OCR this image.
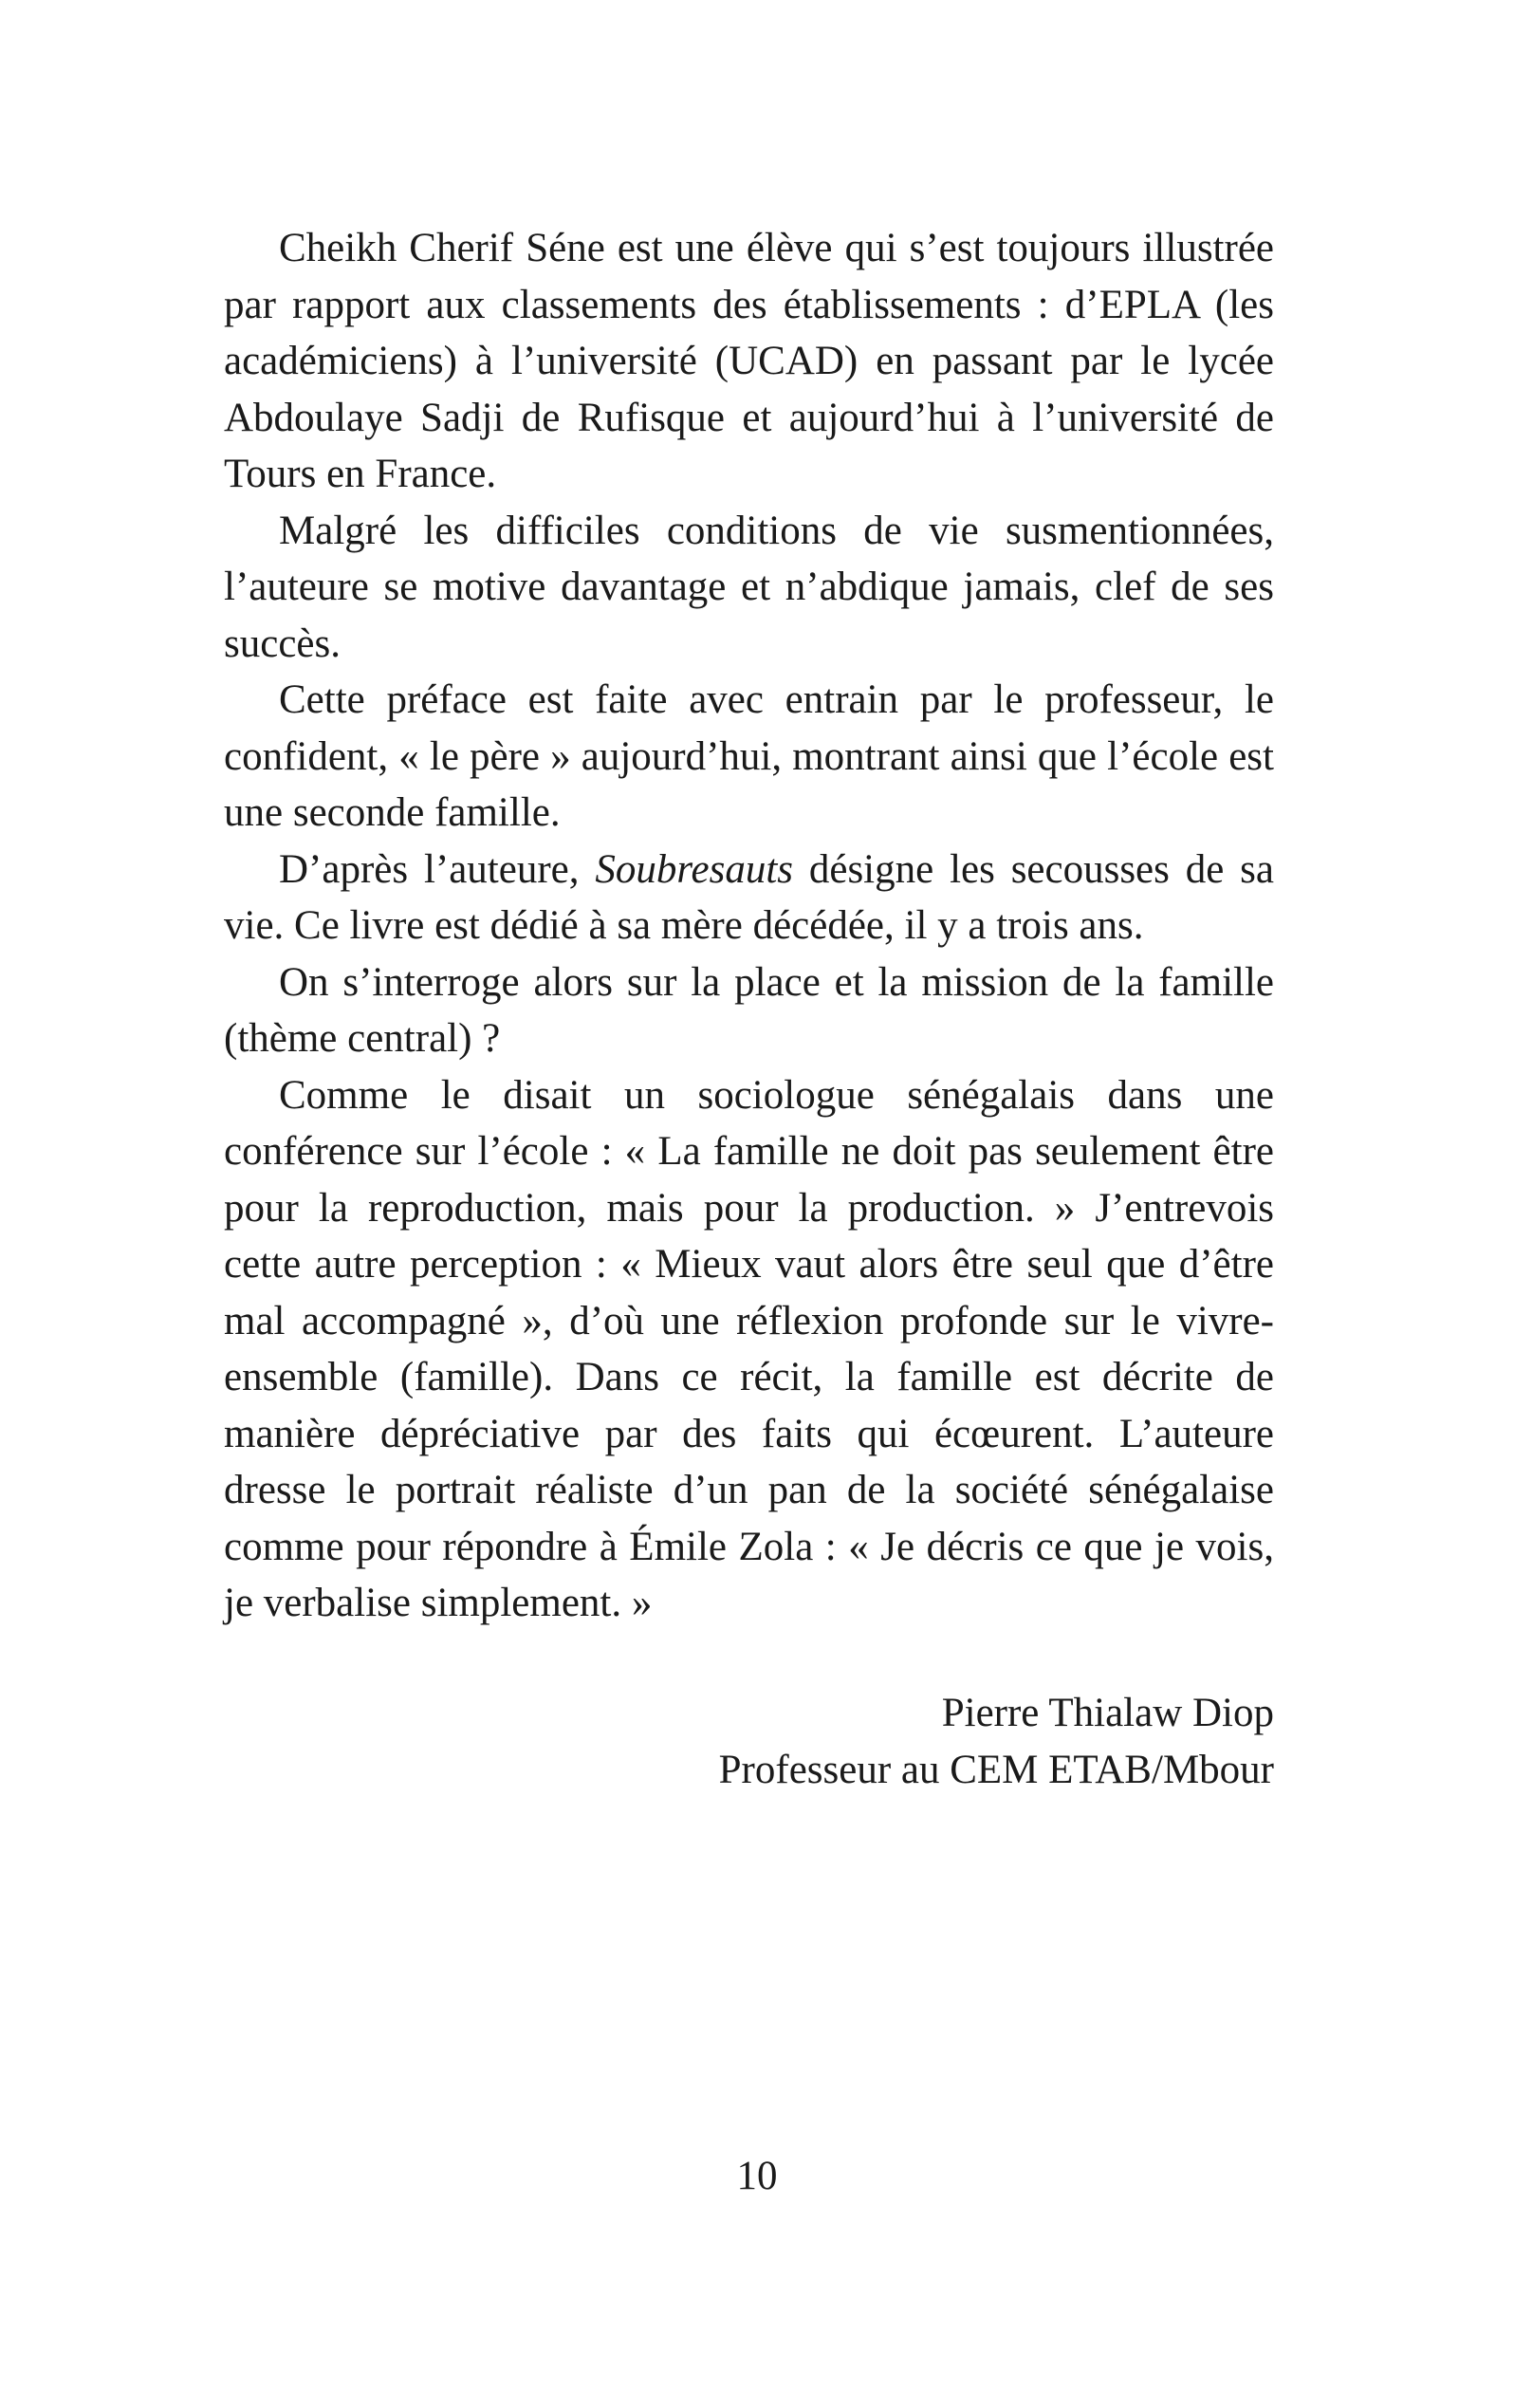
Cheikh Cherif Séne est une élève qui s’est toujours illustrée par rapport aux classements des établissements : d’EPLA (les académiciens) à l’université (UCAD) en passant par le lycée Abdoulaye Sadji de Rufisque et aujourd’hui à l’université de Tours en France.

Malgré les difficiles conditions de vie susmentionnées, l’auteure se motive davantage et n’abdique jamais, clef de ses succès.

Cette préface est faite avec entrain par le professeur, le confident, « le père » aujourd’hui, montrant ainsi que l’école est une seconde famille.

D’après l’auteure, Soubresauts désigne les secousses de sa vie. Ce livre est dédié à sa mère décédée, il y a trois ans.

On s’interroge alors sur la place et la mission de la famille (thème central) ?

Comme le disait un sociologue sénégalais dans une conférence sur l’école : « La famille ne doit pas seulement être pour la reproduction, mais pour la production. » J’entrevois cette autre perception : « Mieux vaut alors être seul que d’être mal accompagné », d’où une réflexion profonde sur le vivre-ensemble (famille). Dans ce récit, la famille est décrite de manière dépréciative par des faits qui écœurent. L’auteure dresse le portrait réaliste d’un pan de la société sénégalaise comme pour répondre à Émile Zola : « Je décris ce que je vois, je verbalise simplement. »

Pierre Thialaw Diop
Professeur au CEM ETAB/Mbour
10
